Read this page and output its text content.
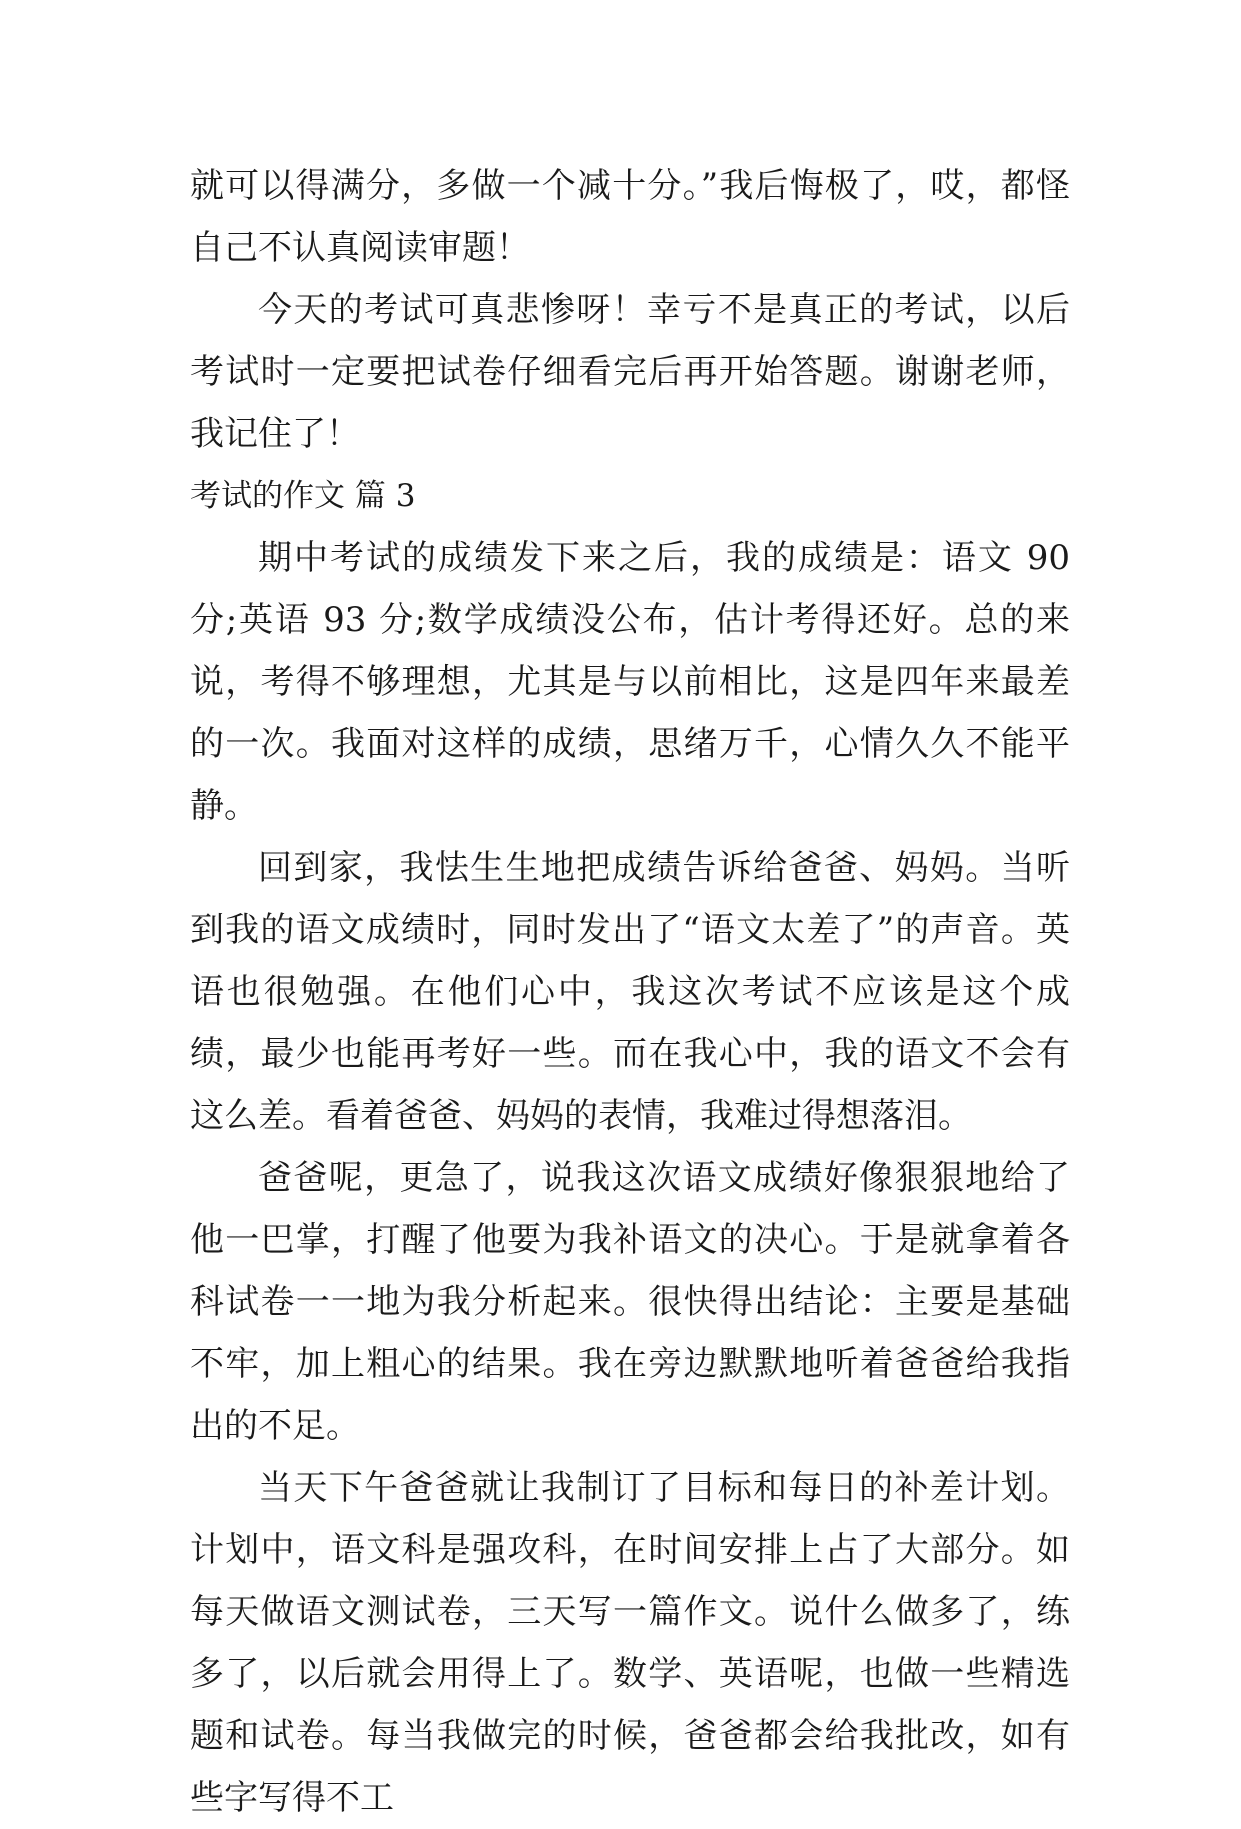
就可以得满分，多做一个减十分。”我后悔极了，哎，都怪自己不认真阅读审题！

今天的考试可真悲惨呀！幸亏不是真正的考试，以后考试时一定要把试卷仔细看完后再开始答题。谢谢老师，我记住了！

考试的作文 篇 3

期中考试的成绩发下来之后，我的成绩是：语文 90 分;英语 93 分;数学成绩没公布，估计考得还好。总的来说，考得不够理想，尤其是与以前相比，这是四年来最差的一次。我面对这样的成绩，思绪万千，心情久久不能平静。

回到家，我怯生生地把成绩告诉给爸爸、妈妈。当听到我的语文成绩时，同时发出了“语文太差了”的声音。英语也很勉强。在他们心中，我这次考试不应该是这个成绩，最少也能再考好一些。而在我心中，我的语文不会有这么差。看着爸爸、妈妈的表情，我难过得想落泪。

爸爸呢，更急了，说我这次语文成绩好像狠狠地给了他一巴掌，打醒了他要为我补语文的决心。于是就拿着各科试卷一一地为我分析起来。很快得出结论：主要是基础不牢，加上粗心的结果。我在旁边默默地听着爸爸给我指出的不足。

当天下午爸爸就让我制订了目标和每日的补差计划。计划中，语文科是强攻科，在时间安排上占了大部分。如每天做语文测试卷，三天写一篇作文。说什么做多了，练多了，以后就会用得上了。数学、英语呢，也做一些精选题和试卷。每当我做完的时候，爸爸都会给我批改，如有些字写得不工
